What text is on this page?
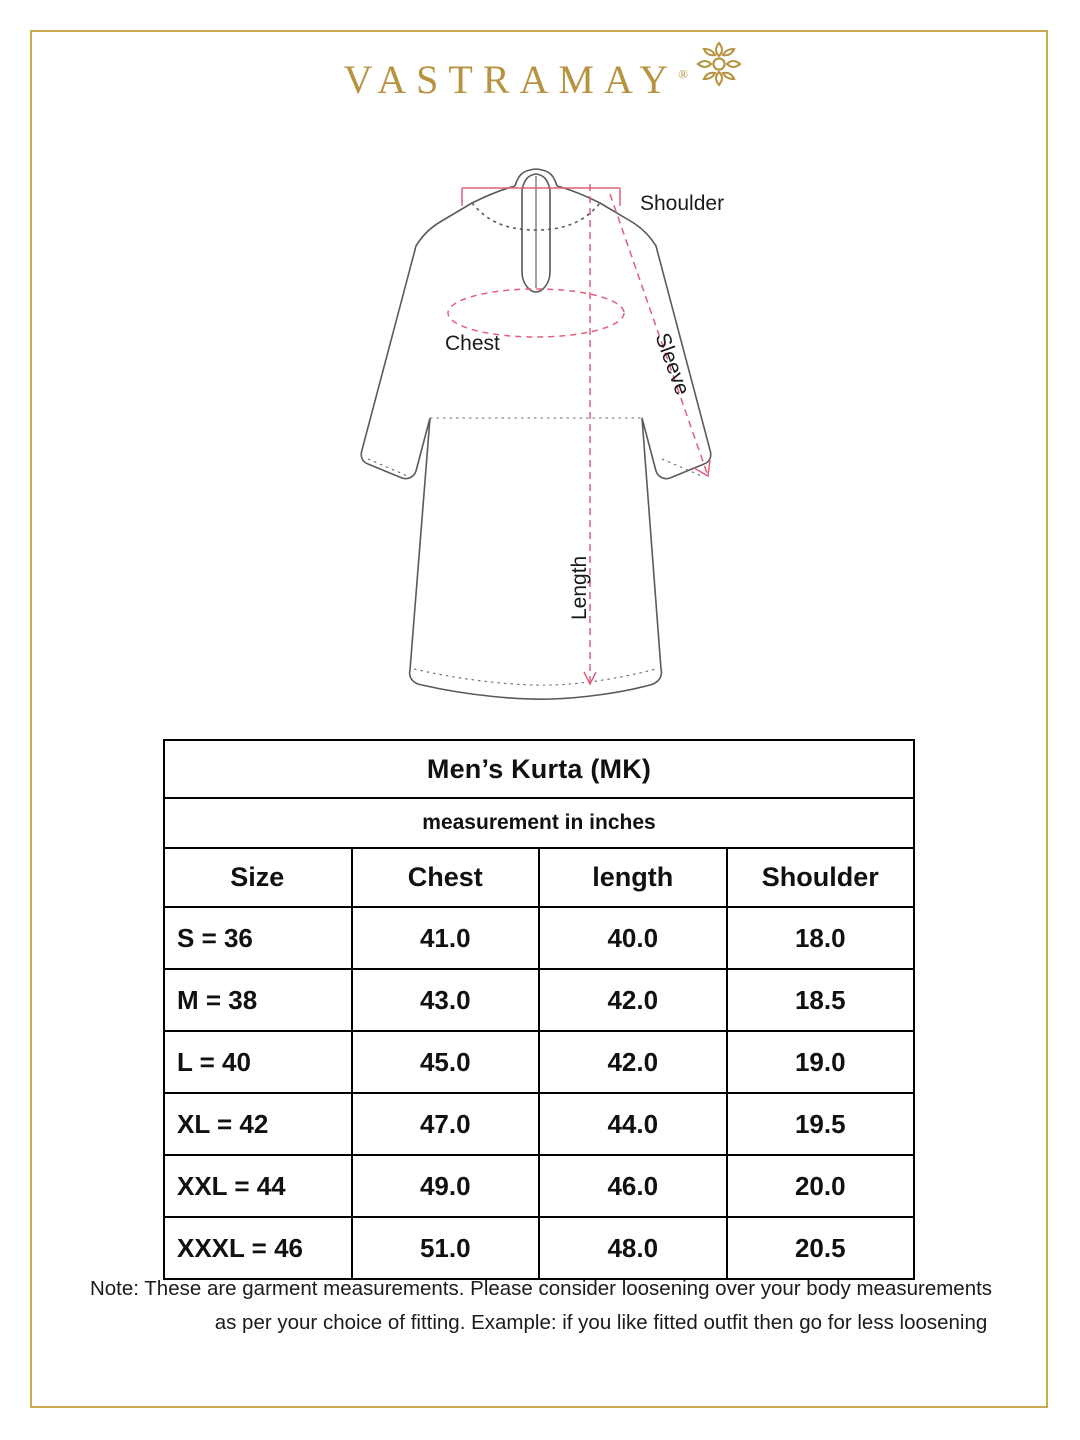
VASTRAMAY®
Shoulder
Chest	Sleeve
Length
Men’s Kurta (MK)			
measurement in inches			
Size	Chest	length	Shoulder
S = 36	41.0	40.0	18.0
M = 38	43.0	42.0	18.5
L = 40	45.0	42.0	19.0
XL = 42	47.0	44.0	19.5
XXL = 44	49.0	46.0	20.0
XXXL = 46	51.0	48.0	20.5
Note: These are garment measurements. Please consider loosening over your body measurements
as per your choice of fitting. Example: if you like fitted outfit then go for less loosening
